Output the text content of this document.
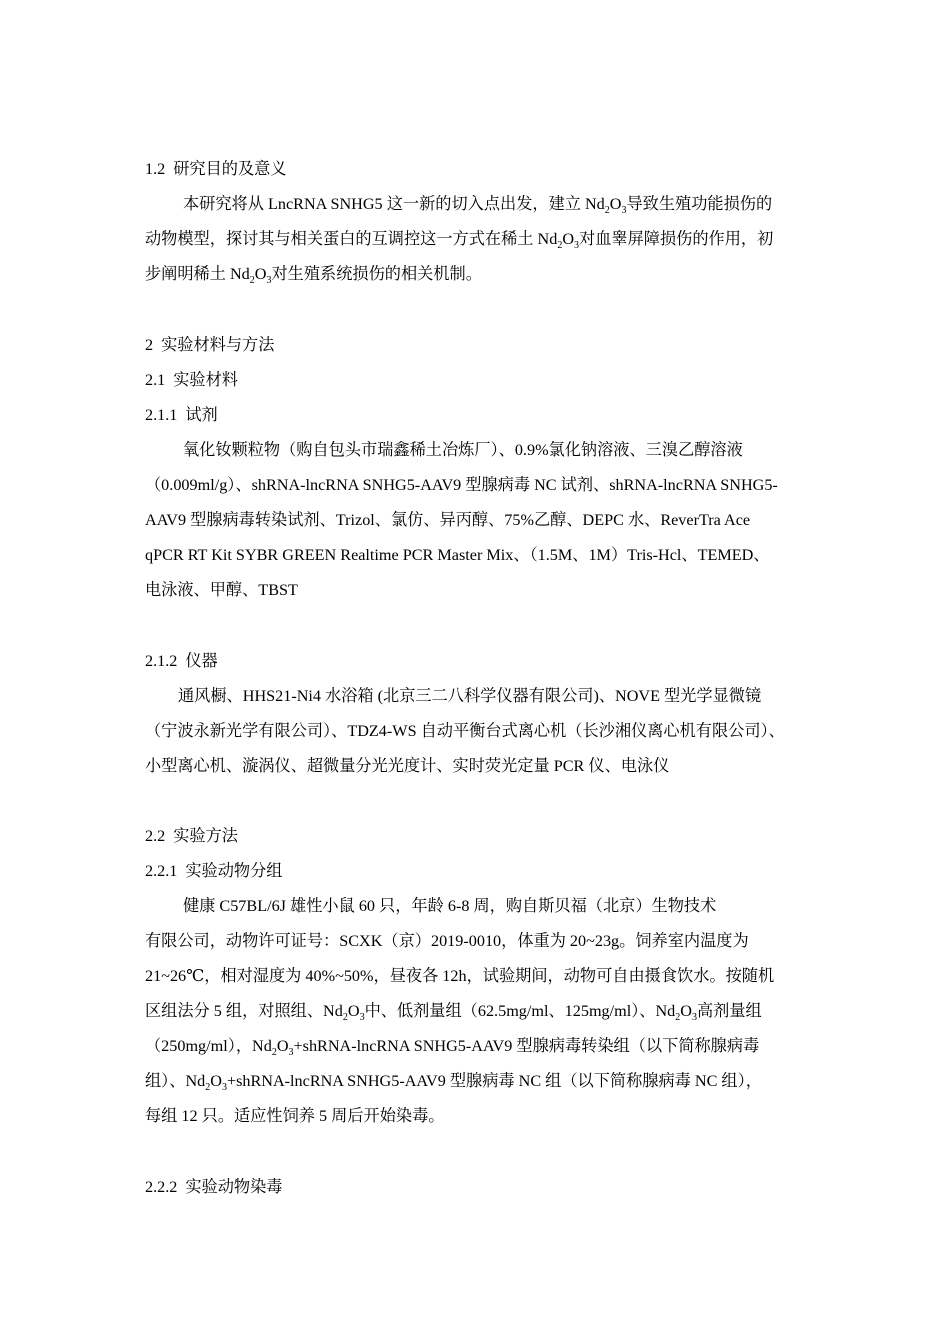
1.2 研究目的及意义
本研究将从 LncRNA SNHG5 这一新的切入点出发，建立 $Nd_2O_3$导致生殖功能损伤的
动物模型，探讨其与相关蛋白的互调控这一方式在稀土 $Nd_2O_3$对血睾屏障损伤的作用，初
步阐明稀土 $Nd_2O_3$对生殖系统损伤的相关机制。
2 实验材料与方法
2.1 实验材料
2.1.1 试剂
氧化钕颗粒物（购自包头市瑞鑫稀土冶炼厂）、0.9%氯化钠溶液、三溴乙醇溶液
（0.009ml/g）、shRNA-lncRNA SNHG5-AAV9 型腺病毒 NC 试剂、shRNA-lncRNA SNHG5-
AAV9 型腺病毒转染试剂、Trizol、氯仿、异丙醇、75%乙醇、DEPC 水、ReverTra Ace
qPCR RT Kit SYBR GREEN Realtime PCR Master Mix、（1.5M、1M）Tris-Hcl、TEMED、
电泳液、甲醇、TBST
2.1.2 仪器
通风橱、HHS21-Ni4 水浴箱 (北京三二八科学仪器有限公司)、NOVE 型光学显微镜
（宁波永新光学有限公司）、TDZ4-WS 自动平衡台式离心机（长沙湘仪离心机有限公司）、
小型离心机、漩涡仪、超微量分光光度计、实时荧光定量 PCR 仪、电泳仪
2.2 实验方法
2.2.1 实验动物分组
健康 C57BL/6J 雄性小鼠 60 只，年龄 6-8 周，购自斯贝福（北京）生物技术
有限公司，动物许可证号：SCXK（京）2019-0010，体重为 20~23g。饲养室内温度为
21~26℃，相对湿度为 40%~50%，昼夜各 12h，试验期间，动物可自由摄食饮水。按随机
区组法分 5 组，对照组、$Nd_2O_3$中、低剂量组（62.5mg/ml、125mg/ml）、$Nd_2O_3$高剂量组
（250mg/ml），$Nd_2O_3+shRNA$-lncRNA SNHG5-AAV9 型腺病毒转染组（以下简称腺病毒
组）、$Nd_2O_3+shRNA$-lncRNA SNHG5-AAV9 型腺病毒 NC 组（以下简称腺病毒 NC 组），
每组 12 只。适应性饲养 5 周后开始染毒。
2.2.2 实验动物染毒
